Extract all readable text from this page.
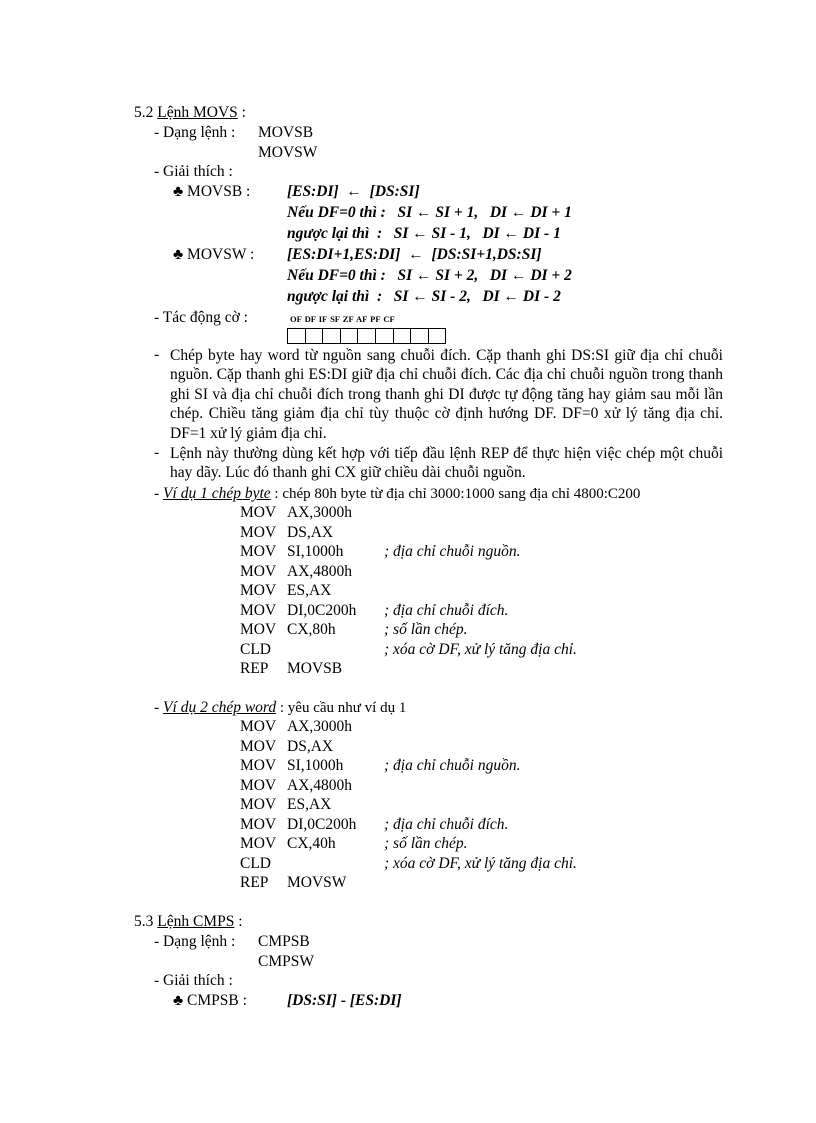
5.2 Lệnh MOVS :
- Dạng lệnh : MOVSB
MOVSW
- Giải thích :
♣ MOVSB : [ES:DI]  ←  [DS:SI]
Nếu DF=0 thì :   SI ← SI + 1,   DI ← DI + 1
ngược lại thì  :   SI ← SI - 1,   DI ← DI - 1
♣ MOVSW : [ES:DI+1,ES:DI]  ←  [DS:SI+1,DS:SI]
Nếu DF=0 thì :   SI ← SI + 2,   DI ← DI + 2
ngược lại thì  :   SI ← SI - 2,   DI ← DI - 2
- Tác động cờ :	OF DF IF SF ZF AF PF CF
- Chép byte hay word từ nguồn sang chuỗi đích. Cặp thanh ghi DS:SI giữ địa chỉ chuỗi nguồn. Cặp thanh ghi ES:DI giữ địa chỉ chuỗi đích. Các địa chỉ chuỗi nguồn trong thanh ghi SI và địa chỉ chuỗi đích trong thanh ghi DI được tự động tăng hay giảm sau mỗi lần chép. Chiều tăng giảm địa chỉ tùy thuộc cờ định hướng DF. DF=0 xử lý tăng địa chỉ. DF=1 xử lý giảm địa chỉ.
- Lệnh này thường dùng kết hợp với tiếp đầu lệnh REP để thực hiện việc chép một chuỗi hay dãy. Lúc đó thanh ghi CX giữ chiều dài chuỗi nguồn.
- Ví dụ 1 chép byte : chép 80h byte từ địa chỉ 3000:1000 sang địa chỉ 4800:C200
MOV AX,3000h
MOV DS,AX
MOV SI,1000h	; địa chỉ chuỗi nguồn.
MOV AX,4800h
MOV ES,AX
MOV DI,0C200h ; địa chỉ chuỗi đích.
MOV CX,80h	; số lần chép.
CLD	; xóa cờ DF, xử lý tăng địa chỉ.
REP MOVSB
- Ví dụ 2 chép word : yêu cầu như ví dụ 1
MOV AX,3000h
MOV DS,AX
MOV SI,1000h	; địa chỉ chuỗi nguồn.
MOV AX,4800h
MOV ES,AX
MOV DI,0C200h ; địa chỉ chuỗi đích.
MOV CX,40h	; số lần chép.
CLD	; xóa cờ DF, xử lý tăng địa chỉ.
REP MOVSW
5.3 Lệnh CMPS :
- Dạng lệnh : CMPSB
CMPSW
- Giải thích :
♣ CMPSB :	[DS:SI] - [ES:DI]
